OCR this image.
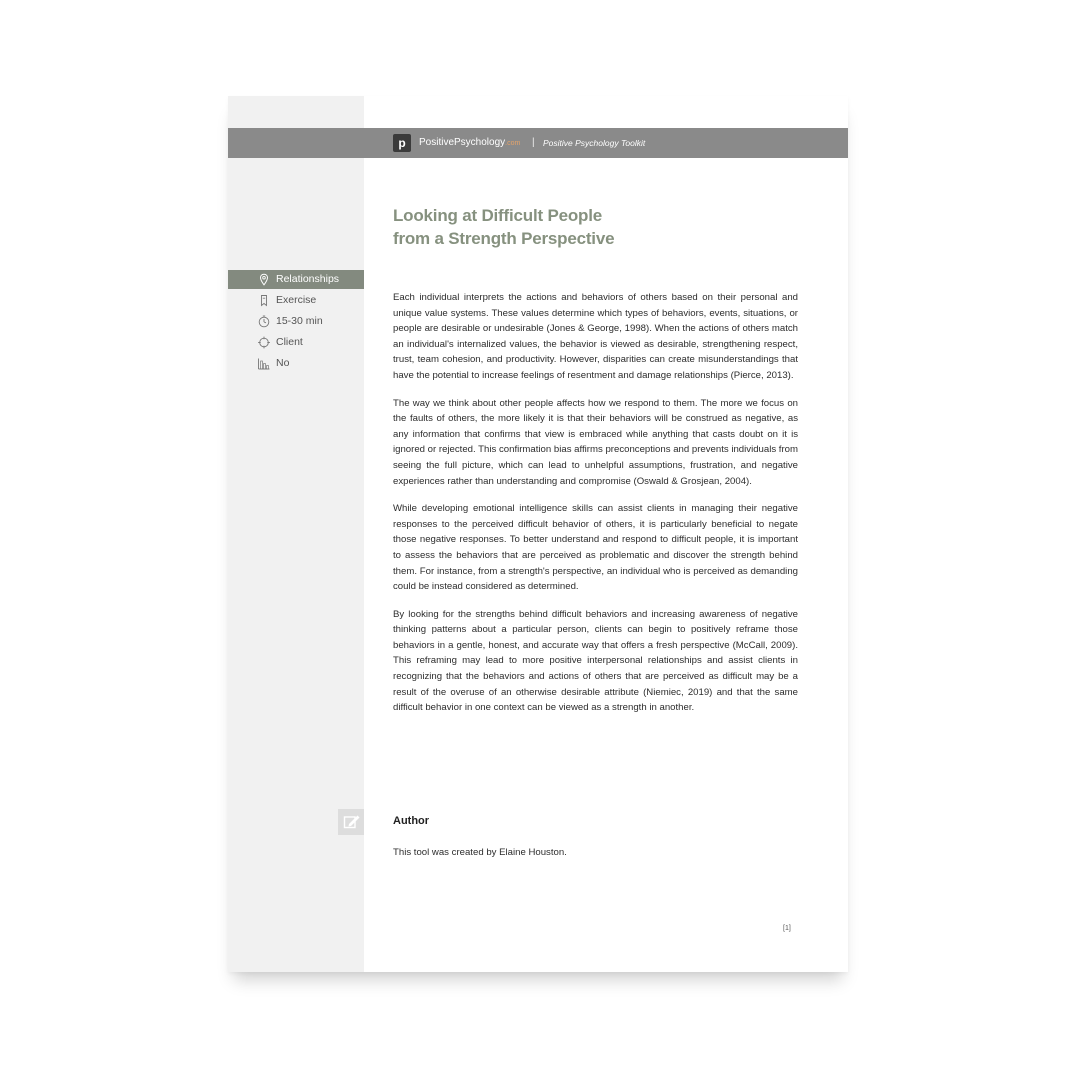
p	PositivePsychology.com | Positive Psychology Toolkit
Looking at Difficult People
from a Strength Perspective
Relationships
Exercise
15-30 min
Client
No

Each individual interprets the actions and behaviors of others based on their personal and unique value systems. These values determine which types of behaviors, events, situations, or people are desirable or undesirable (Jones & George, 1998). When the actions of others match an individual's internalized values, the behavior is viewed as desirable, strengthening respect, trust, team cohesion, and productivity. However, disparities can create misunderstandings that have the potential to increase feelings of resentment and damage relationships (Pierce, 2013).

The way we think about other people affects how we respond to them. The more we focus on the faults of others, the more likely it is that their behaviors will be construed as negative, as any information that confirms that view is embraced while anything that casts doubt on it is ignored or rejected. This confirmation bias affirms preconceptions and prevents individuals from seeing the full picture, which can lead to unhelpful assumptions, frustration, and negative experiences rather than understanding and compromise (Oswald & Grosjean, 2004).

While developing emotional intelligence skills can assist clients in managing their negative responses to the perceived difficult behavior of others, it is particularly beneficial to negate those negative responses. To better understand and respond to difficult people, it is important to assess the behaviors that are perceived as problematic and discover the strength behind them. For instance, from a strength's perspective, an individual who is perceived as demanding could be instead considered as determined.

By looking for the strengths behind difficult behaviors and increasing awareness of negative thinking patterns about a particular person, clients can begin to positively reframe those behaviors in a gentle, honest, and accurate way that offers a fresh perspective (McCall, 2009). This reframing may lead to more positive interpersonal relationships and assist clients in recognizing that the behaviors and actions of others that are perceived as difficult may be a result of the overuse of an otherwise desirable attribute (Niemiec, 2019) and that the same difficult behavior in one context can be viewed as a strength in another.

Author
This tool was created by Elaine Houston.
[1]
